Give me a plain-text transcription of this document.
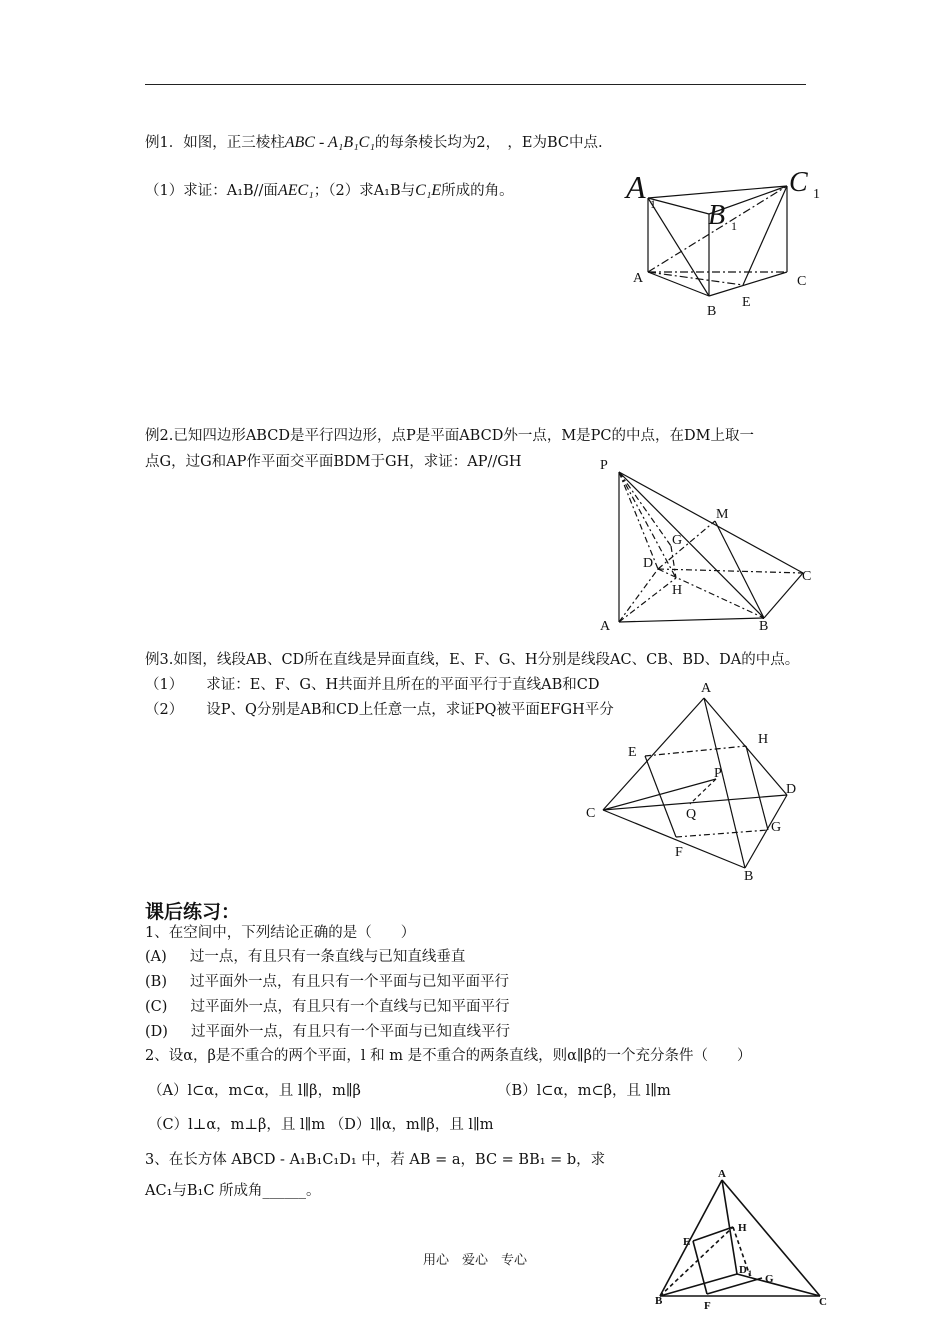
例1．如图，正三棱柱ABC - A₁B₁C₁的每条棱长均为2，　，E为BC中点.
（1）求证：A₁B//面AEC₁；（2）求A₁B与C₁E所成的角。	A 1 B 1
C 1
A
B
E
C
例2.已知四边形ABCD是平行四边形，点P是平面ABCD外一点，M是PC的中点，在DM上取一
点G，过G和AP作平面交平面BDM于GH，求证：AP//GH	P
M
G
D
H
C
A	B
例3.如图，线段AB、CD所在直线是异面直线，E、F、G、H分别是线段AC、CB、BD、DA的中点。
（1） 求证：E、F、G、H共面并且所在的平面平行于直线AB和CD
（2） 设P、Q分别是AB和CD上任意一点，求证PQ被平面EFGH平分
A
H
E
P
D
C	Q
G
F
B
课后练习：
1、在空间中，下列结论正确的是（　　）
(A) 过一点，有且只有一条直线与已知直线垂直
(B) 过平面外一点，有且只有一个平面与已知平面平行
(C) 过平面外一点，有且只有一个直线与已知平面平行
(D) 过平面外一点，有且只有一个平面与已知直线平行
2、设α，β是不重合的两个平面，l 和 m 是不重合的两条直线，则α∥β的一个充分条件（　　）
（A）l⊂α，m⊂α，且 l∥β，m∥β	（B）l⊂α，m⊂β，且 l∥m
（C）l⊥α，m⊥β，且 l∥m （D）l∥α，m∥β，且 l∥m
3、在长方体 ABCD - A₁B₁C₁D₁ 中，若 AB = a，BC = BB₁ = b，求
AC₁与B₁C 所成角______。
A
H
E
D 1 G
B	F	C
用心　爱心　专心
